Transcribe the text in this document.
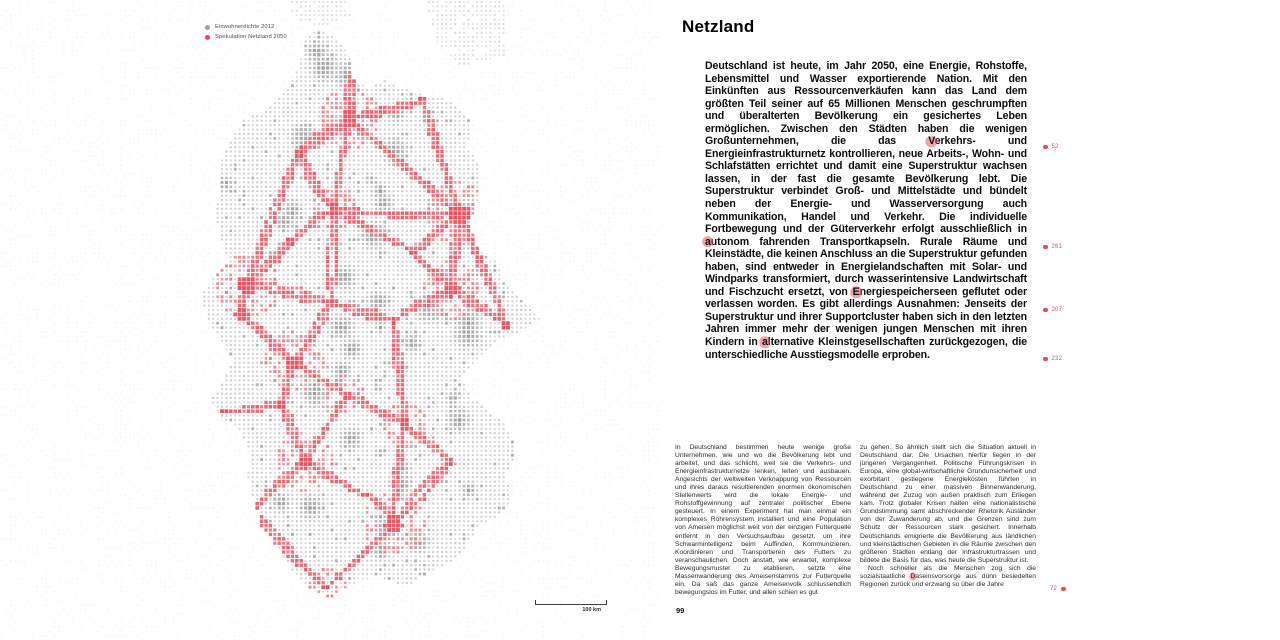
Einwohnerdichte 2012
Spekulation Netzland 2050
100 km
Netzland
Deutschland ist heute, im Jahr 2050, eine Energie, Rohstoffe, Lebensmittel und Wasser exportierende Nation. Mit den Einkünften aus Ressourcenverkäufen kann das Land dem größten Teil seiner auf 65 Millionen Menschen geschrumpften und überalterten Bevölkerung ein gesichertes Leben ermöglichen. Zwischen den Städten haben die wenigen Großunternehmen, die das Verkehrs- und Energieinfrastrukturnetz kontrollieren, neue Arbeits-, Wohn- und Schlafstätten errichtet und damit eine Superstruktur wachsen lassen, in der fast die gesamte Bevölkerung lebt. Die Superstruktur verbindet Groß- und Mittelstädte und bündelt neben der Energie- und Wasserversorgung auch Kommunikation, Handel und Verkehr. Die individuelle Fortbewegung und der Güterverkehr erfolgt ausschließlich in autonom fahrenden Transportkapseln. Rurale Räume und Kleinstädte, die keinen Anschluss an die Superstruktur gefunden haben, sind entweder in Energielandschaften mit Solar- und Windparks transformiert, durch wasserintensive Landwirtschaft und Fischzucht ersetzt, von Energiespeicherseen geflutet oder verlassen worden. Es gibt allerdings Ausnahmen: Jenseits der Superstruktur und ihrer Supportcluster haben sich in den letzten Jahren immer mehr der wenigen jungen Menschen mit ihren Kindern in alternative Kleinstgesellschaften zurückgezogen, die unterschiedliche Ausstiegsmodelle erproben.

In Deutschland bestimmen heute wenige große Unternehmen, wie und wo die Bevölkerung lebt und arbeitet, und das schlicht, weil sie die Verkehrs- und Energieinfrastrukturnetze lenken, leiten und ausbauen. Angesichts der weltweiten Verknappung von Ressourcen und ihres daraus resultierenden enormen ökonomischen Stellenwerts wird die lokale Energie- und Rohstoffgewinnung auf zentraler politischer Ebene gesteuert. In einem Experiment hat man einmal ein komplexes Röhrensystem installiert und eine Population von Ameisen möglichst weit von der einzigen Futterquelle entfernt in den Versuchsaufbau gesetzt, um ihre Schwarmintelligenz beim Auffinden, Kommunizieren, Koordinieren und Transportieren des Futters zu veranschaulichen. Doch anstatt, wie erwartet, komplexe Bewegungsmuster zu etablieren, setzte eine Massenwanderung des Ameisenstamms zur Futterquelle ein. Da saß das ganze Ameisenvolk schlussendlich bewegungslos im Futter, und allen schien es gut

zu gehen. So ähnlich stellt sich die Situation aktuell in Deutschland dar. Die Ursachen hierfür liegen in der jüngeren Vergangenheit. Politische Führungskrisen in Europa, eine global-wirtschaftliche Grundunsicherheit und exorbitant gestiegene Energiekosten führten in Deutschland zu einer massiven Binnenwanderung, während der Zuzug von außen praktisch zum Erliegen kam. Trotz globaler Krisen halten eine nationalistische Grundstimmung samt abschreckender Rhetorik Ausländer von der Zuwanderung ab, und die Grenzen sind zum Schutz der Ressourcen stark gesichert. Innerhalb Deutschlands emigrierte die Bevölkerung aus ländlichen und kleinstädtischen Gebieten in die Räume zwischen den größeren Städten entlang der Infrastrukturtrassen und bildete die Basis für das, was heute die Superstruktur ist.

Noch schneller als die Menschen zog sich die sozialstaatliche Daseinsvorsorge aus dünn besiedelten Regionen zurück und erzwang so über die Jahre

99
52
261
207
232
72
